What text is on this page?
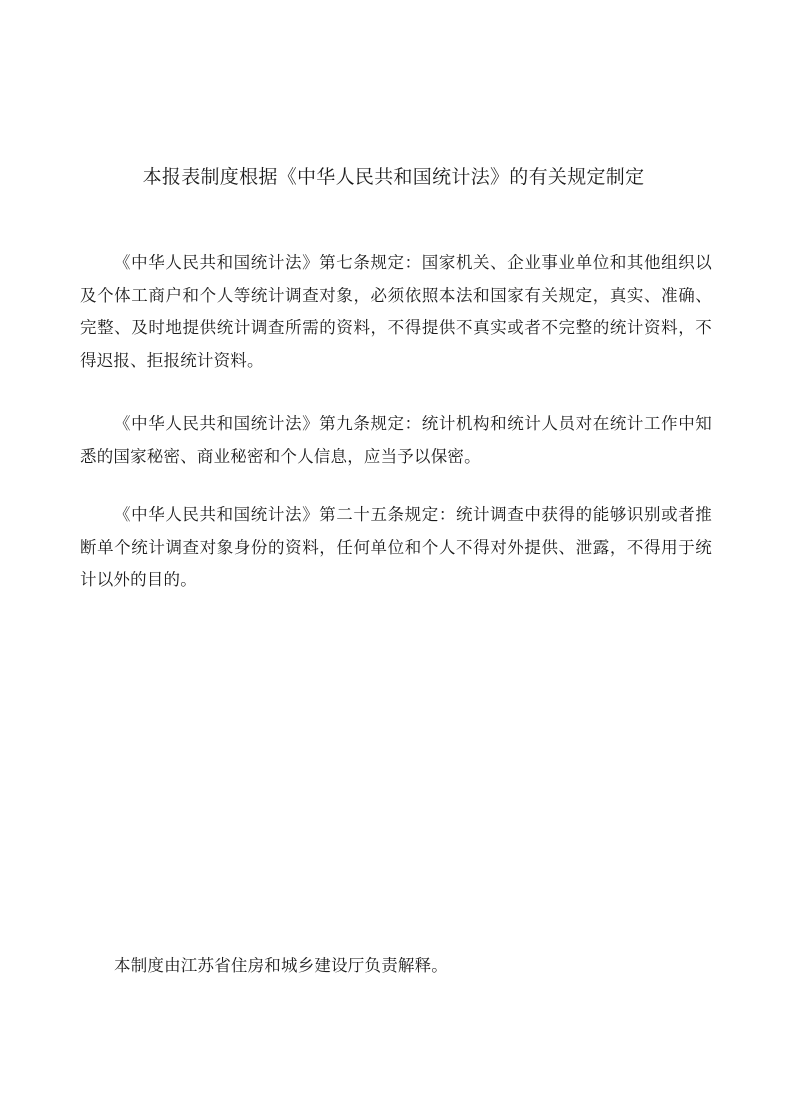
本报表制度根据《中华人民共和国统计法》的有关规定制定

《中华人民共和国统计法》第七条规定：国家机关、企业事业单位和其他组织以及个体工商户和个人等统计调查对象，必须依照本法和国家有关规定，真实、准确、完整、及时地提供统计调查所需的资料，不得提供不真实或者不完整的统计资料，不得迟报、拒报统计资料。

《中华人民共和国统计法》第九条规定：统计机构和统计人员对在统计工作中知悉的国家秘密、商业秘密和个人信息，应当予以保密。

《中华人民共和国统计法》第二十五条规定：统计调查中获得的能够识别或者推断单个统计调查对象身份的资料，任何单位和个人不得对外提供、泄露，不得用于统计以外的目的。

本制度由江苏省住房和城乡建设厅负责解释。
